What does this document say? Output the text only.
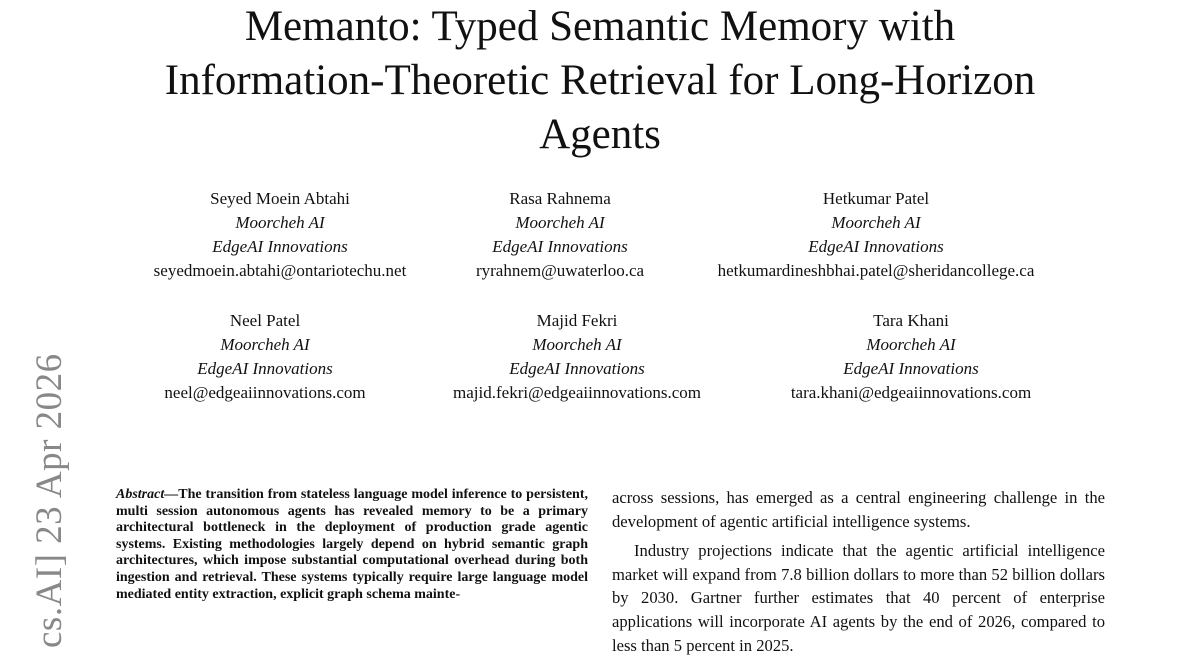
Memanto: Typed Semantic Memory with
Information-Theoretic Retrieval for Long-Horizon
Agents
Seyed Moein Abtahi
Moorcheh AI
EdgeAI Innovations
seyedmoein.abtahi@ontariotechu.net
Rasa Rahnema
Moorcheh AI
EdgeAI Innovations
ryrahnem@uwaterloo.ca
Hetkumar Patel
Moorcheh AI
EdgeAI Innovations
hetkumardineshbhai.patel@sheridancollege.ca
Neel Patel
Moorcheh AI
EdgeAI Innovations
neel@edgeaiinnovations.com
Majid Fekri
Moorcheh AI
EdgeAI Innovations
majid.fekri@edgeaiinnovations.com
Tara Khani
Moorcheh AI
EdgeAI Innovations
tara.khani@edgeaiinnovations.com
cs.AI] 23 Apr 2026	Abstract—The transition from stateless language model inference to persistent, multi session autonomous agents has revealed memory to be a primary architectural bottleneck in the deployment of production grade agentic systems. Existing methodologies largely depend on hybrid semantic graph architectures, which impose substantial computational overhead during both ingestion and retrieval. These systems typically require large language model mediated entity extraction, explicit graph schema mainte-

across sessions, has emerged as a central engineering challenge in the development of agentic artificial intelligence systems.

Industry projections indicate that the agentic artificial intelligence market will expand from 7.8 billion dollars to more than 52 billion dollars by 2030. Gartner further estimates that 40 percent of enterprise applications will incorporate AI agents by the end of 2026, compared to less than 5 percent in 2025.
